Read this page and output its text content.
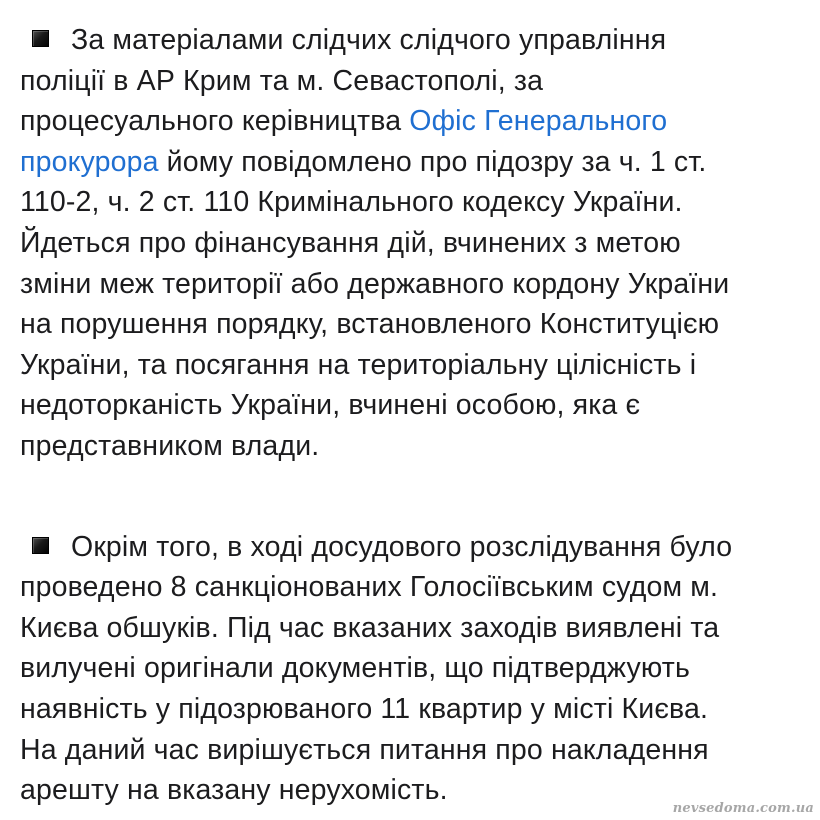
За матеріалами слідчих слідчого управління
поліції в АР Крим та м. Севастополі, за
процесуального керівництва Офіс Генерального
прокурора йому повідомлено про підозру за ч. 1 ст.
110-2, ч. 2 ст. 110 Кримінального кодексу України.
Йдеться про фінансування дій, вчинених з метою
зміни меж території або державного кордону України
на порушення порядку, встановленого Конституцією
України, та посягання на територіальну цілісність і
недоторканість України, вчинені особою, яка є
представником влади.

Окрім того, в ході досудового розслідування було
проведено 8 санкціонованих Голосіївським судом м.
Києва обшуків. Під час вказаних заходів виявлені та
вилучені оригінали документів, що підтверджують
наявність у підозрюваного 11 квартир у місті Києва.
На даний час вирішується питання про накладення
арешту на вказану нерухомість.

nevsedoma.com.ua
